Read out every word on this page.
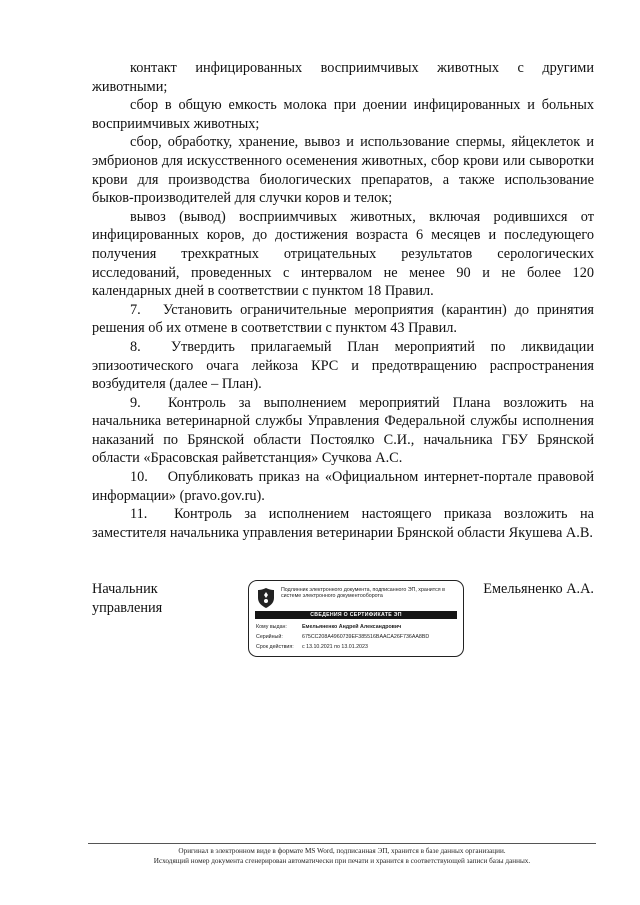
контакт инфицированных восприимчивых животных с другими животными;

сбор в общую емкость молока при доении инфицированных и больных восприимчивых животных;

сбор, обработку, хранение, вывоз и использование спермы, яйцеклеток и эмбрионов для искусственного осеменения животных, сбор крови или сыворотки крови для производства биологических препаратов, а также использование быков-производителей для случки коров и телок;

вывоз (вывод) восприимчивых животных, включая родившихся от инфицированных коров, до достижения возраста 6 месяцев и последующего получения трехкратных отрицательных результатов серологических исследований, проведенных с интервалом не менее 90 и не более 120 календарных дней в соответствии с пунктом 18 Правил.

7.  Установить ограничительные мероприятия (карантин) до принятия решения об их отмене в соответствии с пунктом 43 Правил.

8.  Утвердить прилагаемый План мероприятий по ликвидации эпизоотического очага лейкоза КРС и предотвращению распространения возбудителя (далее – План).

9.  Контроль за выполнением мероприятий Плана возложить на начальника ветеринарной службы Управления Федеральной службы исполнения наказаний по Брянской области Постоялко С.И., начальника ГБУ Брянской области «Брасовская райветстанция» Сучкова А.С.

10.  Опубликовать приказ на «Официальном интернет-портале правовой информации» (pravo.gov.ru).

11.  Контроль за исполнением настоящего приказа возложить на заместителя начальника управления ветеринарии Брянской области Якушева А.В.

Начальник
управления
Подлинник электронного документа, подписанного ЭП, хранится в системе электронного документооборота
СВЕДЕНИЯ О СЕРТИФИКАТЕ ЭП
Кому выдан:	Емельяненко Андрей Александрович
Серийный:	675CC208A4960739EF385516BAACA26F736AA8BD
Срок действия:	с 13.10.2021 по 13.01.2023
Емельяненко А.А.
Оригинал в электронном виде в формате MS Word, подписанная ЭП, хранится в базе данных организации.
Исходящий номер документа сгенерирован автоматически при печати и хранится в соответствующей записи базы данных.
